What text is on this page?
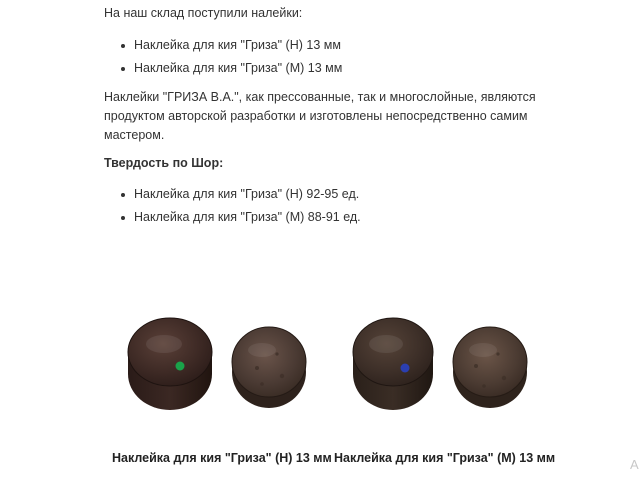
На наш склад поступили налейки:

Наклейка для кия "Гриза" (Н) 13 мм
Наклейка для кия "Гриза" (М) 13 мм

Наклейки "ГРИЗА В.А.", как прессованные, так и многослойные, являются

продуктом авторской разработки и изготовлены непосредственно самим

мастером.

Твердость по Шор:

Наклейка для кия "Гриза" (Н) 92-95 ед.
Наклейка для кия "Гриза" (М) 88-91 ед.
Наклейка для кия "Гриза" (Н) 13 мм Наклейка для кия "Гриза" (М) 13 мм	A
